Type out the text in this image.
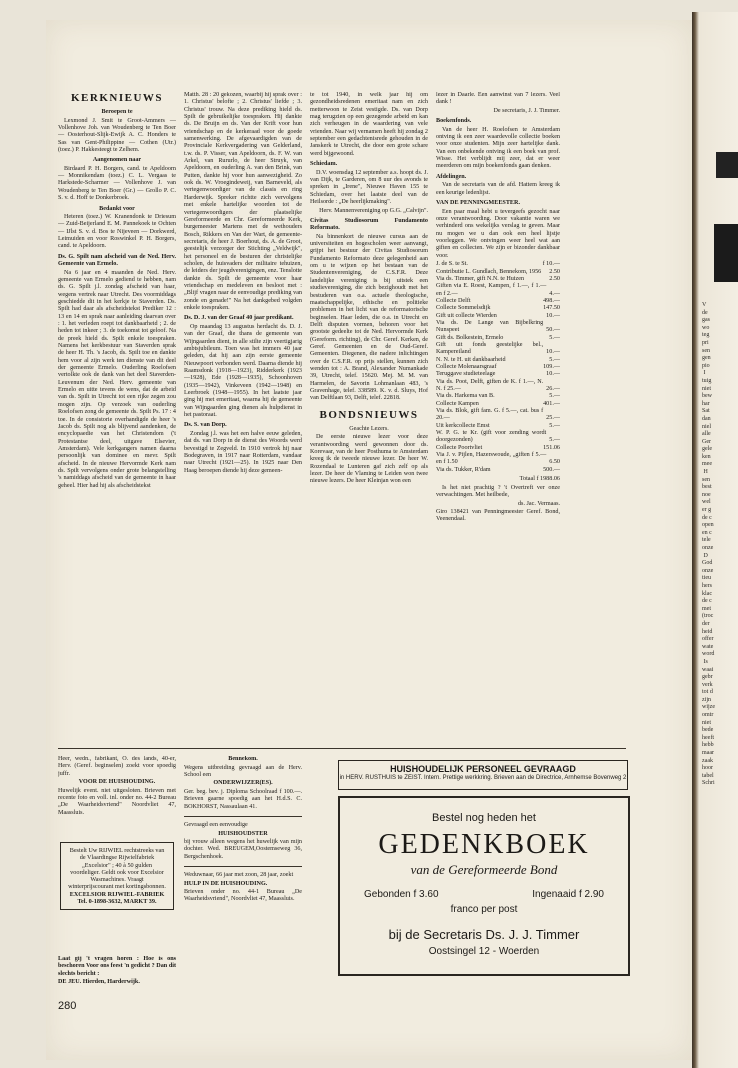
KERKNIEUWS

Beroepen te

Lexmond J. Smit te Groot-Ammers — Vollenhove Joh. van Woudenberg te Ten Boer — Oosterhout-Slijk-Ewijk A. C. Honders te Sas van Gent-Philippine — Cothen (Utr.) (toez.) P. Hakkesteegt te Zelhem.

Aangenomen naar

Birdaard P. H. Borgers, cand. te Apeldoorn — Monnikendam (toez.) C. L. Vergaas te Harkstede-Scharmer — Vollenhove J. van Woudenberg te Ten Boer (Gr.) — Grollo P. C. S. v. d. Hoff te Donkerbroek.

Bedankt voor

Heteren (toez.) W. Kranendonk te Driesum — Zuid-Beijerland E. M. Pannekoek te Ochten — IJlst S. v. d. Bos te Nijeveen — Dorkwerd, Leimuiden en voor Roswinkel P. H. Borgers, cand. te Apeldoorn.

Ds. G. Spilt nam afscheid van de Ned. Herv. Gemeente van Ermelo.

Na 6 jaar en 4 maanden de Ned. Herv. gemeente van Ermelo gediend te hebben, nam ds. G. Spilt j.l. zondag afscheid van haar, wegens vertrek naar Utrecht. Des voormiddags geschiedde dit in het kerkje te Staverden. Ds. Spilt had daar als afscheidstekst Prediker 12 : 13 en 14 en sprak naar aanleiding daarvan over : 1. het verleden roept tot dankbaarheid ; 2. de heden tot inkeer ; 3. de toekomst tot geloof. Na de preek hield ds. Spilt enkele toespraken. Namens het kerkbestuur van Staverden sprak de heer H. Th. 's Jacob, ds. Spilt toe en dankte hem voor al zijn werk ten dienste van dit deel der gemeente Ermelo. Ouderling Roelofsen vertolkte ook de dank van het deel Staverden-Leuvenum der Ned. Herv. gemeente van Ermelo en uitte tevens de wens, dat de arbeid van ds. Spilt in Utrecht tot een rijke zegen zou mogen zijn. Op verzoek van ouderling Roelofsen zong de gemeente ds. Spilt Ps. 17 : 4 toe. In de consistorie overhandigde de heer 's Jacob ds. Spilt nog als blijvend aandenken, de encyclopaedie van het Christendom ('t Protestantse deel, uitgave Elsevier, Amsterdam). Vele kerkgangers namen daarna persoonlijk van dominee en mevr. Spilt afscheid. In de nieuwe Hervormde Kerk nam ds. Spilt vervolgens onder grote belangstelling 's namiddags afscheid van de gemeente in haar geheel. Hier had hij als afscheidstekst

Matth. 28 : 20 gekozen, waarbij hij sprak over : 1. Christus' belofte ; 2. Christus' liefde ; 3. Christus' trouw. Na deze prediking hield ds. Spilt de gebruikelijke toespraken. Hij dankte ds. De Bruijn en ds. Van der Krift voor hun vriendschap en de kerkeraad voor de goede samenwerking. De afgevaardigden van de Provinciale Kerkvergadering van Gelderland, t.w. ds. P. Visser, van Apeldoorn, ds. F. W. van Arkel, van Rururlo, de heer Struyk, van Apeldoorn, en ouderling A. van den Brink, van Putten, dankte hij voor hun aanwezigheid. Zo ook ds. W. Vroegindeweij, van Barneveld, als vertegenwoordiger van de classis en ring Harderwijk. Spreker richtte zich vervolgens met enkele hartelijke woorden tot de vertegenwoordigers der plaatselijke Gereformeerde en Chr. Gereformeerde Kerk, burgemeester Martens met de wethouders Bosch, Rikkers en Van der Wart, de gemeente-secretaris, de heer J. Boerhout, ds. A. de Groot, geestelijk verzorger der Stichting „Veldwijk", het personeel en de besturen der christelijke scholen, de huisvaders der militaire tehuizen, de leiders der jeugdverenigingen, enz. Tenslotte dankte ds. Spilt de gemeente voor haar vriendschap en medeleven en besloot met : „Blijf vragen naar de eenvoudige prediking van zonde en genade!" Na het dankgebed volgden enkele toespraken.

Ds. D. J. van der Graaf 40 jaar predikant.

Op maandag 13 augustus herdacht ds. D. J. van der Graaf, die thans de gemeente van Wijngaarden dient, in alle stilte zijn veertigjarig ambtsjubileum. Toen was het immers 40 jaar geleden, dat hij aan zijn eerste gemeente Nieuwpoort verbonden werd. Daarna diende hij Raamsdonk (1918—1923), Ridderkerk (1923—1928), Ede (1928—1935), Schoonhoven (1935—1942), Vinkeveen (1942—1948) en Leerbroek (1948—1955). In het laatste jaar ging hij met emeritaat, waarna hij de gemeente van Wijngaarden ging dienen als hulpdienst in het pastoraat.

Ds. S. van Dorp.

Zondag j.l. was het een halve eeuw geleden, dat ds. van Dorp in de dienst des Woords werd bevestigd te Zegveld. In 1910 vertrok hij naar Bodegraven, in 1917 naar Rotterdam, vandaar naar Utrecht (1921—25). In 1925 naar Den Haag beroepen diende hij deze gemeen-

te tot 1940, in welk jaar hij om gezondheidsredenen emeritaat nam en zich metterwoon te Zeist vestigde. Ds. van Dorp mag terugzien op een gezegende arbeid en kan zich verheugen in de waardering van vele vrienden. Naar wij vernamen heeft hij zondag 2 september een gedachtenisrede gehouden in de Janskerk te Utrecht, die door een grote schare werd bijgewoond.

Schiedam.

D.V. woensdag 12 september a.s. hoopt ds. J. van Dijk, te Garderen, om 8 uur des avonds te spreken in „Irene", Nieuwe Haven 155 te Schiedam, over het laatste deel van de Heilsorde : „De heerlijkmaking".

Herv. Mannenvereniging op G.G. „Calvijn".

Civitas Studiosorum Fundamento Reformato.

Na binnenkort de nieuwe cursus aan de universiteiten en hogescholen weer aanvangt, grijpt het bestuur der Civitas Studiosorum Fundamento Reformato deze gelegenheid aan om u te wijzen op het bestaan van de Studentenvereniging, de C.S.F.R. Deze landelijke vereniging is bij uitstek een studievereniging, die zich bezighoudt met het bestuderen van o.a. actuele theologische, maatschappelijke, ethische en politieke problemen in het licht van de reformatorische beginselen. Haar leden, die o.a. in Utrecht en Delft disputen vormen, behoren voor het grootste gedeelte tot de Ned. Hervormde Kerk (Gereform. richting), de Chr. Geref. Kerken, de Geref. Gemeenten en de Oud-Geref. Gemeenten. Diegenen, die nadere inlichtingen over de C.S.F.R. op prijs stellen, kunnen zich wenden tot : A. Brand, Alexander Numankade 39, Utrecht, telef. 15620. Mej. M. M. van Harmelen, de Savorin Lohmanlaan 483, 's Gravenhage, telef. 338589. K. v. d. Sluys, Hof van Delftlaan 93, Delft, telef. 22818.

BONDSNIEUWS

Geachte Lezers.

De eerste nieuwe lezer voor deze verantwoording werd gewonnen door ds. Korevaar, van de heer Posthuma te Amsterdam kreeg ik de tweede nieuwe lezer. De heer W. Rozendaal te Lunteren gaf zich zelf op als lezer. De heer de Vlaming te Leiden won twee nieuwe lezers. De heer Kleinjan won een

lezer in Daarle. Een aanwinst van 7 lezers. Veel dank !

De secretaris, J. J. Timmer.

Boekenfonds.

Van de heer H. Roelofsen te Amsterdam ontving ik een zeer waardevolle collectie boeken voor onze studenten. Mijn zeer hartelijke dank. Van een onbekende ontving ik een boek van prof. Wisse. Het verblijdt mij zeer, dat er weer meerderen om mijn boekenfonds gaan denken.

Afdelingen.

Van de secretaris van de afd. Hattem kreeg ik een keurige ledenlijst.

VAN DE PENNINGMEESTER.

Een paar maal hebt u tevergeefs gezocht naar onze verantwoording. Door vakantie waren we verhinderd ons wekelijks verslag te geven. Maar nu mogen we u dan ook een heel lijstje voorleggen. We ontvingen weer heel wat aan giften en collecten. We zijn er bizonder dankbaar voor.

J. de S. te St.	f 10.—
Contributie L. Gundlach, Bennekom, 1956 2.50
Via ds. Timmer, gift N.N. te Huizen	2.50
Giften via E. Roest, Kampen, f 1.—, f 1.— en f 2.—	4.—
Collecte Delft	498.—
Collecte Sommelsdijk	147.50
Gift uit collecte Wierden	10.—
Via ds. De Lange van Bijbelkring Nunspeet	50.—
Gift ds. Bolkestein, Ermelo	5.—
Gift uit fonds geestelijke bel., Kampereiland	10.—
N. N. te H. uit dankbaarheid	5.—
Collecte Molenaarsgraaf	109.—
Teruggave studieteelage	10.—
Via ds. Poot, Delft, giften de K. f 1.—, N. N. f 25.—	26.—
Via ds. Harkema van B.	5.—
Collecte Kampen	401.—
Via ds. Blok, gift fam. G. f 5.—, cat. bus f 20.—	25.—
Uit kerkcollecte Emst	5.—
W. P. G. te Kr. (gift voor zending wordt doorgezonden)	5.—
Collecte Poortvliet	151.06
Via J. v. Pijlen, Hazerswoude, „giften f 5.— en f 1.50	6.50
Via ds. Tukker, R'dam	500.—

Totaal f 1988.06

Is het niet prachtig ? 't Overtreft ver onze verwachtingen. Met heilbede,

ds. Jac. Vermaas.

Giro 138421 van Penningmeester Geref. Bond, Veenendaal.

Heer, wedn., fabrikant, O. des lands, 40-er, Herv. (Geref. beginselen) zoekt voor spoedig juffr.

VOOR DE HUISHOUDING.

Huwelijk event. niet uitgesloten. Brieven met recente foto en voll. inl. onder no. 44-2 Bureau „De Waarheidsvriend" Noordvliet 47, Maassluis.

Bestelt Uw RIJWIEL rechtstreeks van de Vlaardingse Rijwielfabriek „Excelsior" ; 40 à 50 gulden voordeliger. Geldt ook voor Excelsior Wasmachines. Vraagt winterprijscourant met kortingsbonnen.
EXCELSIOR RIJWIEL-FABRIEK
Tel. 0-1898-3632, MARKT 39.

Laat gij 't vragen horen : Hoe is ons beschoren Voor ons feest 'n gedicht ? Dan dit slechts bericht :

DE JEU. Hierden, Harderwijk.

Bennekom.

Wegens uitbreiding gevraagd aan de Herv. School een

ONDERWIJZER(ES).

Ger. beg. bev. j. Diploma Schoolraad f 100.—. Brieven gaarne spoedig aan het H.d.S. C. BOKHORST, Nassaulaan 41.

Gevraagd een eenvoudige

HUISHOUDSTER

bij vrouw alleen wegens het huwelijk van mijn dochter. Wed. BREUGEM,Oostemseweg 36, Bergschenhoek.

Weduwnaar, 66 jaar met zoon, 28 jaar, zoekt

HULP IN DE HUISHOUDING.

Brieven onder no. 44-1 Bureau „De Waarheidsvriend", Noordvliet 47, Maassluis.

HUISHOUDELIJK PERSONEEL GEVRAAGD
in HERV. RUSTHUIS te ZEIST. Intern. Prettige werkkring. Brieven aan de Directrice, Arnhemse Bovenweg 2
Bestel nog heden het
GEDENKBOEK
van de Gereformeerde Bond
Gebonden f 3.60	Ingenaaid f 2.90
franco per post
bij de Secretaris Ds. J. J. Timmer
Oostsingel 12 - Woerden
280
V
de
gas
wo
teg
pri
sen
gen
pio
I
tuig
niet
bew
har
Sat
dan
niel
alle
Ger
gele
ken
mee
H
sen
best
noe
wel
er g
de c
open
en c
tele
onze
D
God
onze
tieu
hers
klac
de c
met
(troc
der
heid
offer
wate
word
Is
waai
gebr
verk
tot d
zijn
wijze
omtr
niet
bede
heeft
hebb
maar
zaak
hoor
tabel
Schri
